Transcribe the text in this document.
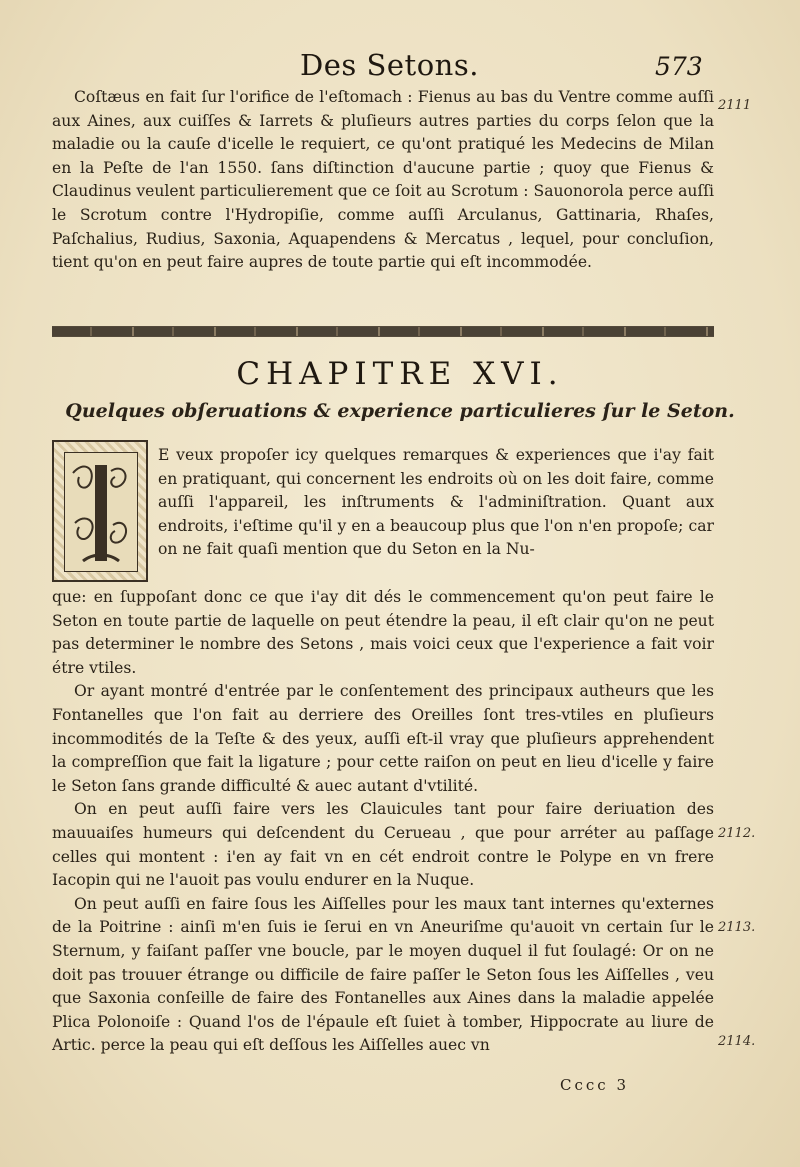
Des Setons.	573
2111
2112.
2113.
2114.

Coſtæus en fait ſur l'orifice de l'eſtomach : Fienus au bas du Ventre comme auſſi aux Aines, aux cuiſſes & Iarrets & pluſieurs autres parties du corps ſelon que la maladie ou la cauſe d'icelle le requiert, ce qu'ont pratiqué les Medecins de Milan en la Peſte de l'an 1550. ſans diſtinction d'aucune partie ; quoy que Fienus & Claudinus veulent particulierement que ce ſoit au Scrotum : Sauonorola perce auſſi le Scrotum contre l'Hydropiſie, comme auſſi Arculanus, Gattinaria, Rhaſes, Paſchalius, Rudius, Saxonia, Aquapendens & Mercatus , lequel, pour concluſion, tient qu'on en peut faire aupres de toute partie qui eſt incommodée.

CHAPITRE XVI.
Quelques obſeruations & experience particulieres ſur le Seton.

E veux propoſer icy quelques remarques & experiences que i'ay fait en pratiquant, qui concernent les endroits où on les doit faire, comme auſſi l'appareil, les inſtruments & l'adminiſtration. Quant aux endroits, i'eſtime qu'il y en a beaucoup plus que l'on n'en propoſe; car on ne fait quaſi mention que du Seton en la Nu-

que: en ſuppoſant donc ce que i'ay dit dés le commencement qu'on peut faire le Seton en toute partie de laquelle on peut étendre la peau, il eſt clair qu'on ne peut pas determiner le nombre des Setons , mais voici ceux que l'experience a fait voir étre vtiles.

Or ayant montré d'entrée par le conſentement des principaux autheurs que les Fontanelles que l'on fait au derriere des Oreilles ſont tres-vtiles en pluſieurs incommodités de la Teſte & des yeux, auſſi eſt-il vray que pluſieurs apprehendent la compreſſion que fait la ligature ; pour cette raiſon on peut en lieu d'icelle y faire le Seton ſans grande difficulté & auec autant d'vtilité.

On en peut auſſi faire vers les Clauicules tant pour faire deriuation des mauuaiſes humeurs qui deſcendent du Cerueau , que pour arréter au paſſage celles qui montent : i'en ay fait vn en cét endroit contre le Polype en vn frere Iacopin qui ne l'auoit pas voulu endurer en la Nuque.

On peut auſſi en faire ſous les Aiſſelles pour les maux tant internes qu'externes de la Poitrine : ainſi m'en ſuis ie ſerui en vn Aneuriſme qu'auoit vn certain ſur le Sternum, y faiſant paſſer vne boucle, par le moyen duquel il fut ſoulagé: Or on ne doit pas trouuer étrange ou difficile de faire paſſer le Seton ſous les Aiſſelles , veu que Saxonia conſeille de faire des Fontanelles aux Aines dans la maladie appelée Plica Polonoiſe : Quand l'os de l'épaule eſt ſuiet à tomber, Hippocrate au liure de Artic. perce la peau qui eſt deſſous les Aiſſelles auec vn

Cccc 3
